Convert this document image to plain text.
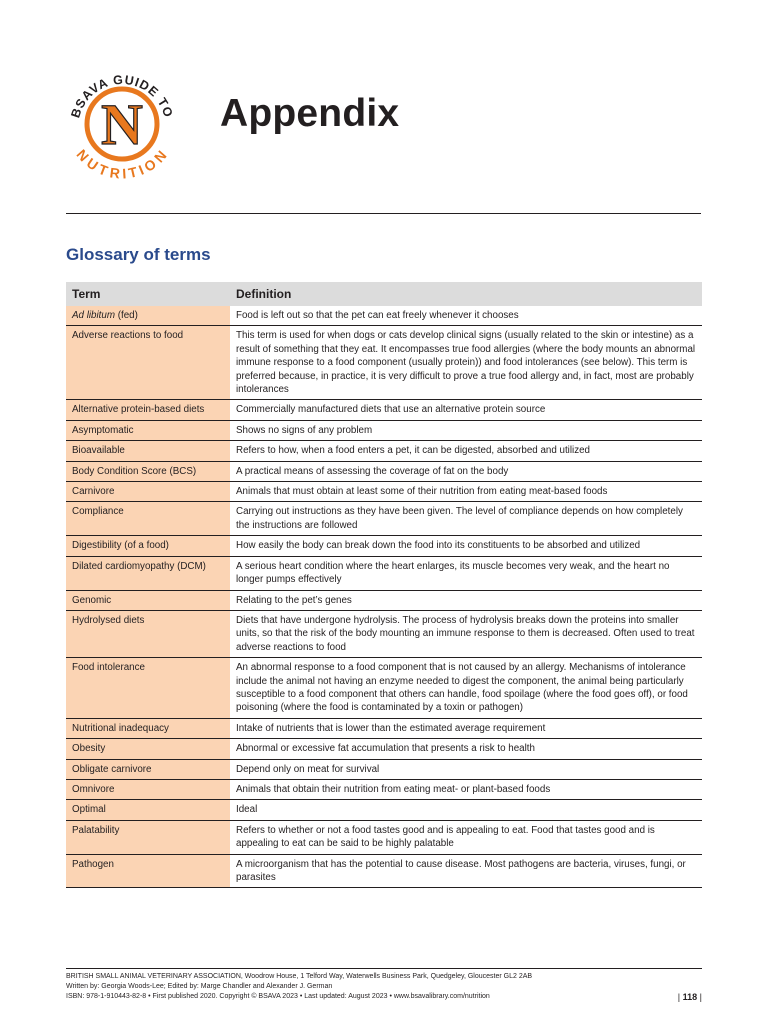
BSAVA GUIDE TO
NUTRITION
N Appendix
Glossary of terms
Term	Definition
Ad libitum (fed)	Food is left out so that the pet can eat freely whenever it chooses
Adverse reactions to food	This term is used for when dogs or cats develop clinical signs (usually related to the skin or intestine) as a result of something that they eat. It encompasses true food allergies (where the body mounts an abnormal immune response to a food component (usually protein)) and food intolerances (see below). This term is preferred because, in practice, it is very difficult to prove a true food allergy and, in fact, most are probably intolerances
Alternative protein-based diets	Commercially manufactured diets that use an alternative protein source
Asymptomatic	Shows no signs of any problem
Bioavailable	Refers to how, when a food enters a pet, it can be digested, absorbed and utilized
Body Condition Score (BCS)	A practical means of assessing the coverage of fat on the body
Carnivore	Animals that must obtain at least some of their nutrition from eating meat-based foods
Compliance	Carrying out instructions as they have been given. The level of compliance depends on how completely the instructions are followed
Digestibility (of a food)	How easily the body can break down the food into its constituents to be absorbed and utilized
Dilated cardiomyopathy (DCM)	A serious heart condition where the heart enlarges, its muscle becomes very weak, and the heart no longer pumps effectively
Genomic	Relating to the pet’s genes
Hydrolysed diets	Diets that have undergone hydrolysis. The process of hydrolysis breaks down the proteins into smaller units, so that the risk of the body mounting an immune response to them is decreased. Often used to treat adverse reactions to food
Food intolerance	An abnormal response to a food component that is not caused by an allergy. Mechanisms of intolerance include the animal not having an enzyme needed to digest the component, the animal being particularly susceptible to a food component that others can handle, food spoilage (where the food goes off), or food poisoning (where the food is contaminated by a toxin or pathogen)
Nutritional inadequacy	Intake of nutrients that is lower than the estimated average requirement
Obesity	Abnormal or excessive fat accumulation that presents a risk to health
Obligate carnivore	Depend only on meat for survival
Omnivore	Animals that obtain their nutrition from eating meat- or plant-based foods
Optimal	Ideal
Palatability	Refers to whether or not a food tastes good and is appealing to eat. Food that tastes good and is appealing to eat can be said to be highly palatable
Pathogen	A microorganism that has the potential to cause disease. Most pathogens are bacteria, viruses, fungi, or parasites
BRITISH SMALL ANIMAL VETERINARY ASSOCIATION, Woodrow House, 1 Telford Way, Waterwells Business Park, Quedgeley, Gloucester GL2 2AB
Written by: Georgia Woods-Lee; Edited by: Marge Chandler and Alexander J. German
ISBN: 978-1-910443-82-8 • First published 2020. Copyright © BSAVA 2023 • Last updated: August 2023 • www.bsavalibrary.com/nutrition	| 118 |
